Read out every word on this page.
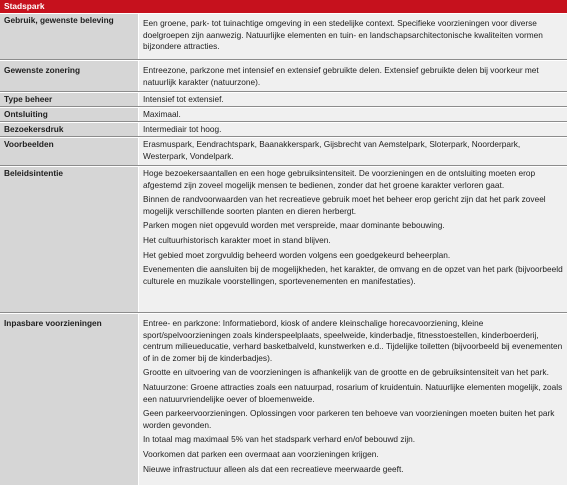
Stadspark
Gebruik, gewenste beleving	Een groene, park- tot tuinachtige omgeving in een stedelijke context. Specifieke voorzieningen voor diverse doelgroepen zijn aanwezig. Natuurlijke elementen en tuin- en landschapsarchitectonische kwaliteiten vormen bijzondere attracties.

Gewenste zonering	Entreezone, parkzone met intensief en extensief gebruikte delen. Extensief gebruikte delen bij voorkeur met natuurlijk karakter (natuurzone).

Type beheer	Intensief tot extensief.

Ontsluiting	Maximaal.

Bezoekersdruk	Intermediair tot hoog.

Voorbeelden	Erasmuspark, Eendrachtspark, Baanakkerspark, Gijsbrecht van Aemstelpark, Sloterpark, Noorderpark, Westerpark, Vondelpark.

Beleidsintentie	Hoge bezoekersaantallen en een hoge gebruiksintensiteit. De voorzieningen en de ontsluiting moeten erop afgestemd zijn zoveel mogelijk mensen te bedienen, zonder dat het groene karakter verloren gaat.

Binnen de randvoorwaarden van het recreatieve gebruik moet het beheer erop gericht zijn dat het park zoveel mogelijk verschillende soorten planten en dieren herbergt.

Parken mogen niet opgevuld worden met verspreide, maar dominante bebouwing.

Het cultuurhistorisch karakter moet in stand blijven.

Het gebied moet zorgvuldig beheerd worden volgens een goedgekeurd beheerplan.

Evenementen die aansluiten bij de mogelijkheden, het karakter, de omvang en de opzet van het park (bijvoorbeeld culturele en muzikale voorstellingen, sportevenementen en manifestaties).

Inpasbare voorzieningen	Entree- en parkzone: Informatiebord, kiosk of andere kleinschalige horecavoorziening, kleine sport/spelvoorzieningen zoals kinderspeelplaats, speelweide, kinderbadje, fitnesstoestellen, kinderboerderij, centrum milieueducatie, verhard basketbalveld, kunstwerken e.d.. Tijdelijke toiletten (bijvoorbeeld bij evenementen of in de zomer bij de kinderbadjes).

Grootte en uitvoering van de voorzieningen is afhankelijk van de grootte en de gebruiksintensiteit van het park.

Natuurzone: Groene attracties zoals een natuurpad, rosarium of kruidentuin. Natuurlijke elementen mogelijk, zoals een natuurvriendelijke oever of bloemenweide.

Geen parkeervoorzieningen. Oplossingen voor parkeren ten behoeve van voorzieningen moeten buiten het park worden gevonden.

In totaal mag maximaal 5% van het stadspark verhard en/of bebouwd zijn.

Voorkomen dat parken een overmaat aan voorzieningen krijgen.

Nieuwe infrastructuur alleen als dat een recreatieve meerwaarde geeft.
